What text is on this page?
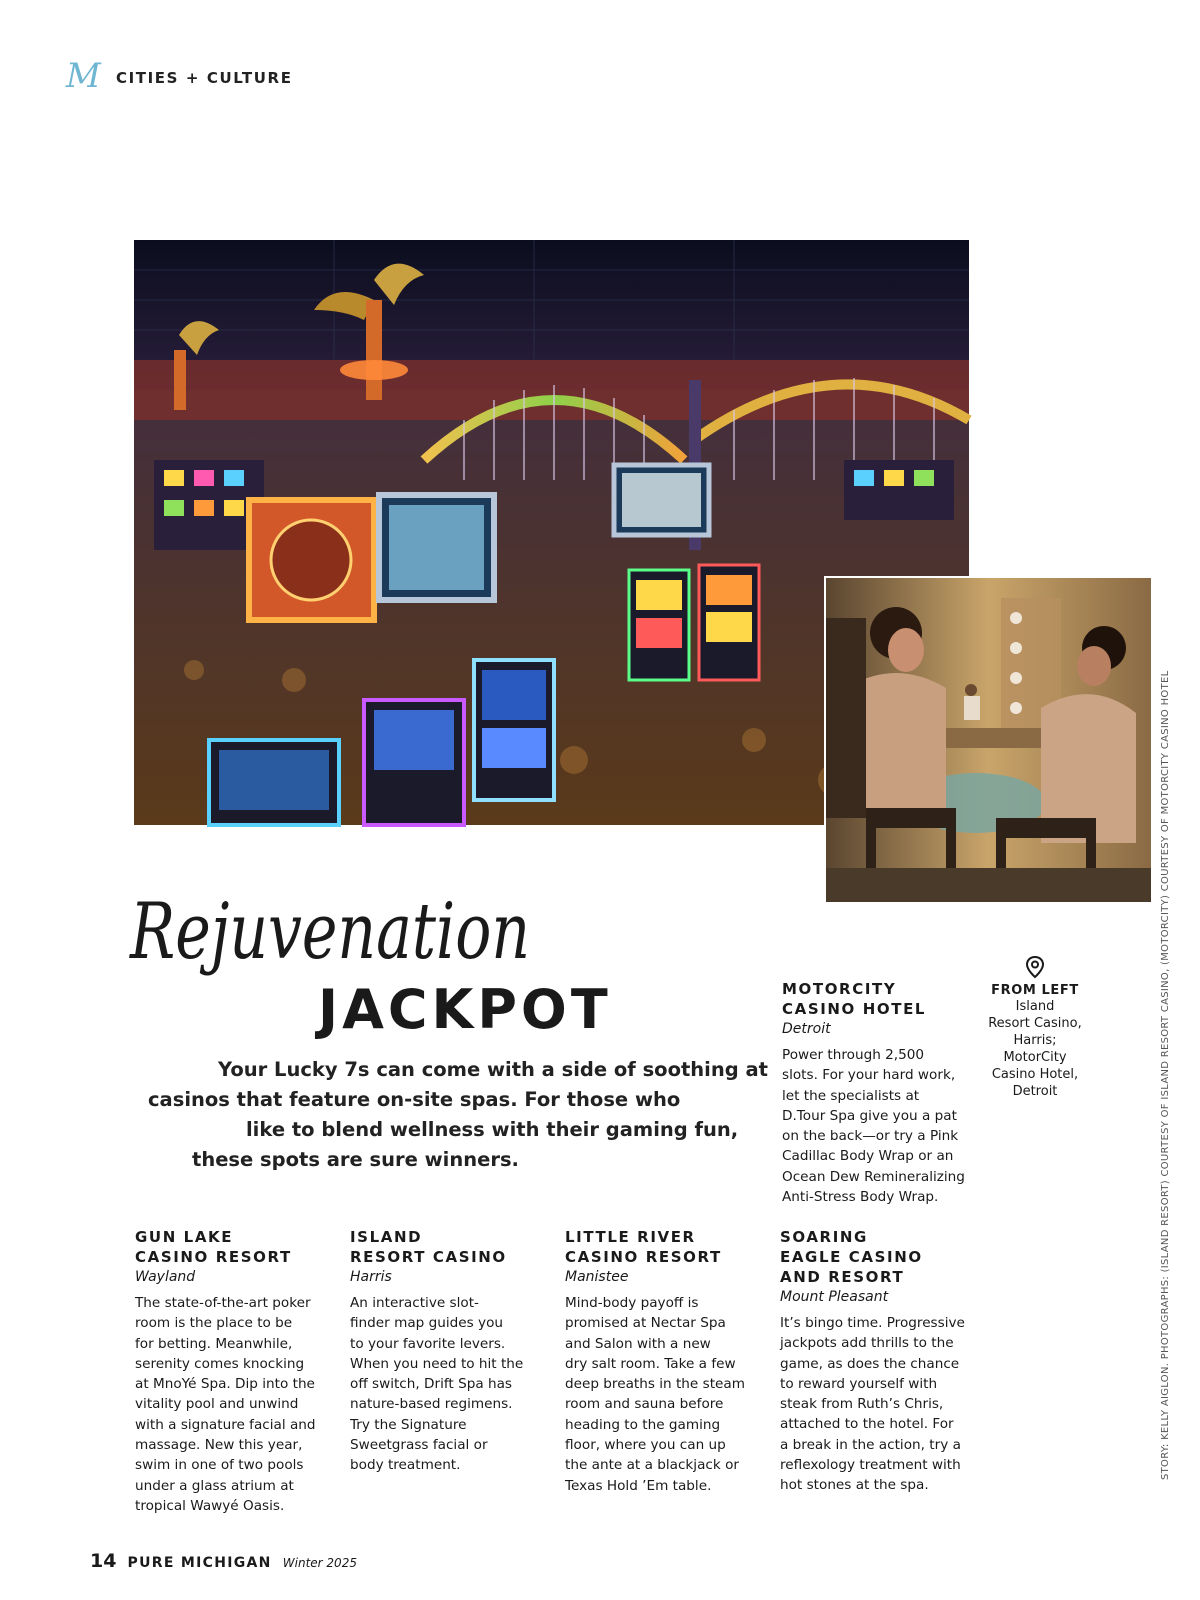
M	CITIES + CULTURE
Rejuvenation
JACKPOT
Your Lucky 7s can come with a side of soothing at
casinos that feature on-site spas. For those who
like to blend wellness with their gaming fun,
these spots are sure winners.
MOTORCITY
CASINO HOTEL
Detroit

Power through 2,500

slots. For your hard work,

let the specialists at

D.Tour Spa give you a pat

on the back—or try a Pink

Cadillac Body Wrap or an

Ocean Dew Remineralizing

Anti-Stress Body Wrap.

FROM LEFT
Island
Resort Casino,
Harris;
MotorCity
Casino Hotel,
Detroit
GUN LAKE
CASINO RESORT
Wayland

The state-of-the-art poker

room is the place to be

for betting. Meanwhile,

serenity comes knocking

at MnoYé Spa. Dip into the

vitality pool and unwind

with a signature facial and

massage. New this year,

swim in one of two pools

under a glass atrium at

tropical Wawyé Oasis.

ISLAND
RESORT CASINO
Harris

An interactive slot-

finder map guides you

to your favorite levers.

When you need to hit the

off switch, Drift Spa has

nature-based regimens.

Try the Signature

Sweetgrass facial or

body treatment.

LITTLE RIVER
CASINO RESORT
Manistee

Mind-body payoff is

promised at Nectar Spa

and Salon with a new

dry salt room. Take a few

deep breaths in the steam

room and sauna before

heading to the gaming

floor, where you can up

the ante at a blackjack or

Texas Hold ’Em table.

SOARING
EAGLE CASINO
AND RESORT
Mount Pleasant

It’s bingo time. Progressive

jackpots add thrills to the

game, as does the chance

to reward yourself with

steak from Ruth’s Chris,

attached to the hotel. For

a break in the action, try a

reflexology treatment with

hot stones at the spa.

STORY: KELLY AIGLON. PHOTOGRAPHS: (ISLAND RESORT) COURTESY OF ISLAND RESORT CASINO, (MOTORCITY) COURTESY OF MOTORCITY CASINO HOTEL
14 PURE MICHIGAN Winter 2025
